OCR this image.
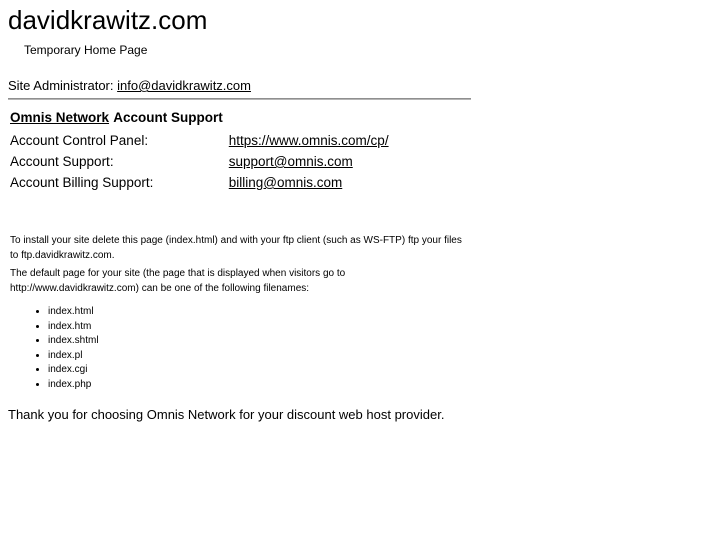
davidkrawitz.com
Temporary Home Page

Site Administrator: info@davidkrawitz.com

Omnis Network Account Support
Account Control Panel:	https://www.omnis.com/cp/
Account Support:	support@omnis.com
Account Billing Support:	billing@omnis.com

To install your site delete this page (index.html) and with your ftp client (such as WS-FTP) ftp your files to ftp.davidkrawitz.com.

The default page for your site (the page that is displayed when visitors go to http://www.davidkrawitz.com) can be one of the following filenames:

• index.html
• index.htm
• index.shtml
• index.pl
• index.cgi
• index.php

Thank you for choosing Omnis Network for your discount web host provider.
